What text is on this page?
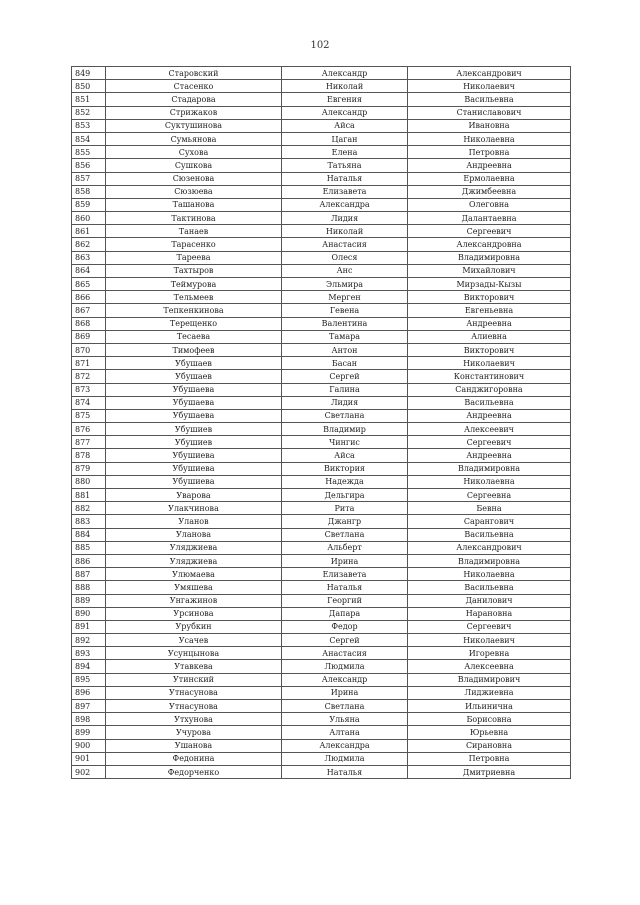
102
849	Старовский	Александр	Александрович
850	Стасенко	Николай	Николаевич
851	Стадарова	Евгения	Васильевна
852	Стрижаков	Александр	Станиславович
853	Суктушинова	Айса	Ивановна
854	Сумьянова	Цаган	Николаевна
855	Сухова	Елена	Петровна
856	Сушкова	Татьяна	Андреевна
857	Сюзенова	Наталья	Ермолаевна
858	Сюзюева	Елизавета	Джимбеевна
859	Ташанова	Александра	Олеговна
860	Тактинова	Лидия	Далантаевна
861	Танаев	Николай	Сергеевич
862	Тарасенко	Анастасия	Александровна
863	Тареева	Олеся	Владимировна
864	Тахтыров	Анс	Михайлович
865	Теймурова	Эльмира	Мирзады-Кызы
866	Тельмеев	Мерген	Викторович
867	Тепкенкинова	Гевена	Евгеньевна
868	Терещенко	Валентина	Андреевна
869	Тесаева	Тамара	Алиевна
870	Тимофеев	Антон	Викторович
871	Убушаев	Басан	Николаевич
872	Убушаев	Сергей	Константинович
873	Убушаева	Галина	Санджигоровна
874	Убушаева	Лидия	Васильевна
875	Убушаева	Светлана	Андреевна
876	Убушиев	Владимир	Алексеевич
877	Убушиев	Чингис	Сергеевич
878	Убушиева	Айса	Андреевна
879	Убушиева	Виктория	Владимировна
880	Убушиева	Надежда	Николаевна
881	Уварова	Дельгира	Сергеевна
882	Улакчинова	Рита	Бевна
883	Уланов	Джангр	Сарангович
884	Уланова	Светлана	Васильевна
885	Уляджиева	Альберт	Александрович
886	Уляджиева	Ирина	Владимировна
887	Улюмаева	Елизавета	Николаевна
888	Умяшева	Наталья	Васильевна
889	Унгажинов	Георгий	Данилович
890	Урсинова	Дапара	Нарановна
891	Урубкин	Федор	Сергеевич
892	Усачев	Сергей	Николаевич
893	Усунцынова	Анастасия	Игоревна
894	Утавкева	Людмила	Алексеевна
895	Утинский	Александр	Владимирович
896	Утнасунова	Ирина	Лиджиевна
897	Утнасунова	Светлана	Ильинична
898	Утхунова	Ульяна	Борисовна
899	Учурова	Алтана	Юрьевна
900	Ушанова	Александра	Сирановна
901	Федонина	Людмила	Петровна
902	Федорченко	Наталья	Дмитриевна
